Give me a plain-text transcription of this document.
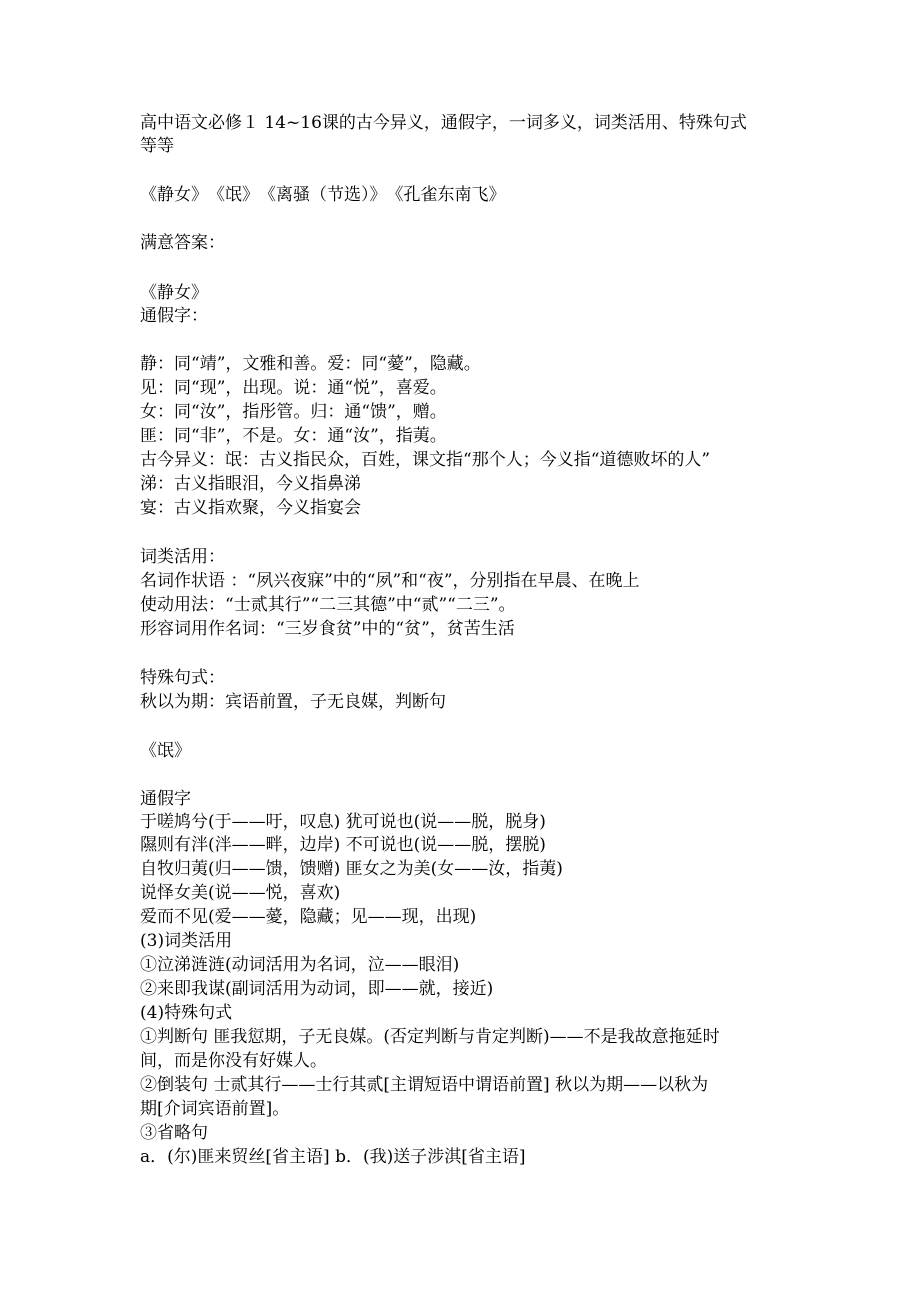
高中语文必修１ 14~16课的古今异义，通假字，一词多义，词类活用、特殊句式

等等

《静女》　《氓》　《离骚（节选）》　《孔雀东南飞》

满意答案：

《静女》

通假字：

静：同“靖”，文雅和善。爱：同“薆”，隐藏。

见：同“现”，出现。说：通“悦”，喜爱。

女：同“汝”，指彤管。归：通“馈”，赠。

匪：同“非”，不是。女：通“汝”，指荑。

古今异义：氓：古义指民众，百姓，课文指“那个人；今义指“道德败坏的人”

涕：古义指眼泪，今义指鼻涕

宴：古义指欢聚，今义指宴会

词类活用：

名词作状语 ：“夙兴夜寐”中的“夙”和“夜”，分别指在早晨、在晚上

使动用法：“士贰其行”“二三其德”中“贰”“二三”。

形容词用作名词：“三岁食贫”中的“贫”，贫苦生活

特殊句式：

秋以为期：宾语前置，子无良媒，判断句

《氓》

通假字

于嗟鸠兮(于——吁，叹息) 犹可说也(说——脱，脱身)

隰则有泮(泮——畔，边岸) 不可说也(说——脱，摆脱)

自牧归荑(归——馈，馈赠) 匪女之为美(女——汝，指荑)

说怿女美(说——悦，喜欢)

爱而不见(爱——薆，隐藏；见——现，出现)

(3)词类活用

①泣涕涟涟(动词活用为名词，泣——眼泪)

②来即我谋(副词活用为动词，即——就，接近)

(4)特殊句式

①判断句 匪我愆期，子无良媒。(否定判断与肯定判断)——不是我故意拖延时

间，而是你没有好媒人。

②倒装句 士贰其行——士行其贰[主谓短语中谓语前置] 秋以为期——以秋为

期[介词宾语前置]。

③省略句

a．(尔)匪来贸丝[省主语] b．(我)送子涉淇[省主语]
